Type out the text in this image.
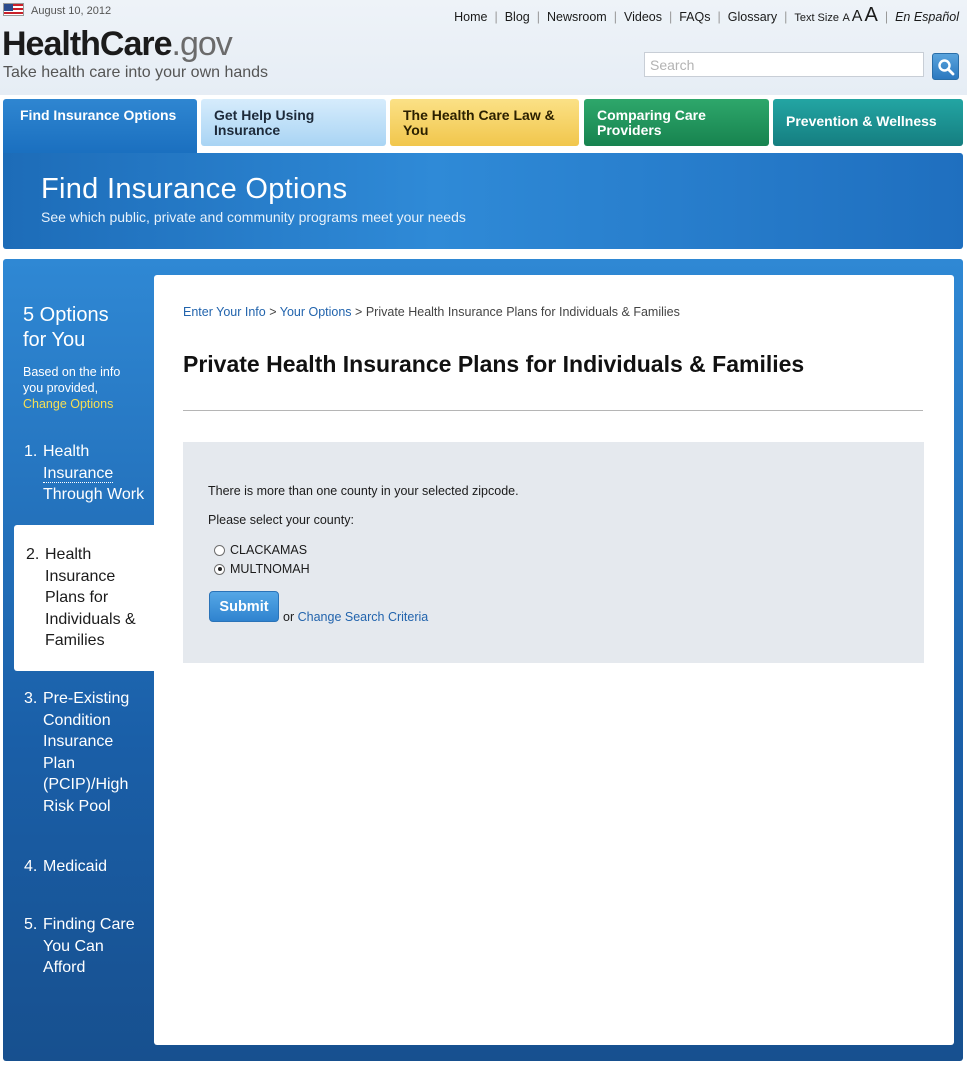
August 10, 2012
HealthCare.gov
Take health care into your own hands
Home | Blog | Newsroom | Videos | FAQs | Glossary | Text Size
A A A | En Español
Search
Find Insurance Options	Get Help Using Insurance
The Health Care Law & You
Comparing Care Providers
Prevention & Wellness
Find Insurance Options

See which public, private and community programs meet your needs

5 Options for You
Based on the info you provided,
Change Options
1. Health
Insurance
Through Work
2. Health Insurance Plans for Individuals & Families
3. Pre-Existing Condition Insurance Plan (PCIP)/High Risk Pool
4. Medicaid
5. Finding Care You Can Afford
Enter Your Info > Your Options > Private Health Insurance Plans for Individuals & Families
Private Health Insurance Plans for Individuals & Families
There is more than one county in your selected zipcode.
Please select your county:
CLACKAMAS
MULTNOMAH
Submit
or Change Search Criteria
